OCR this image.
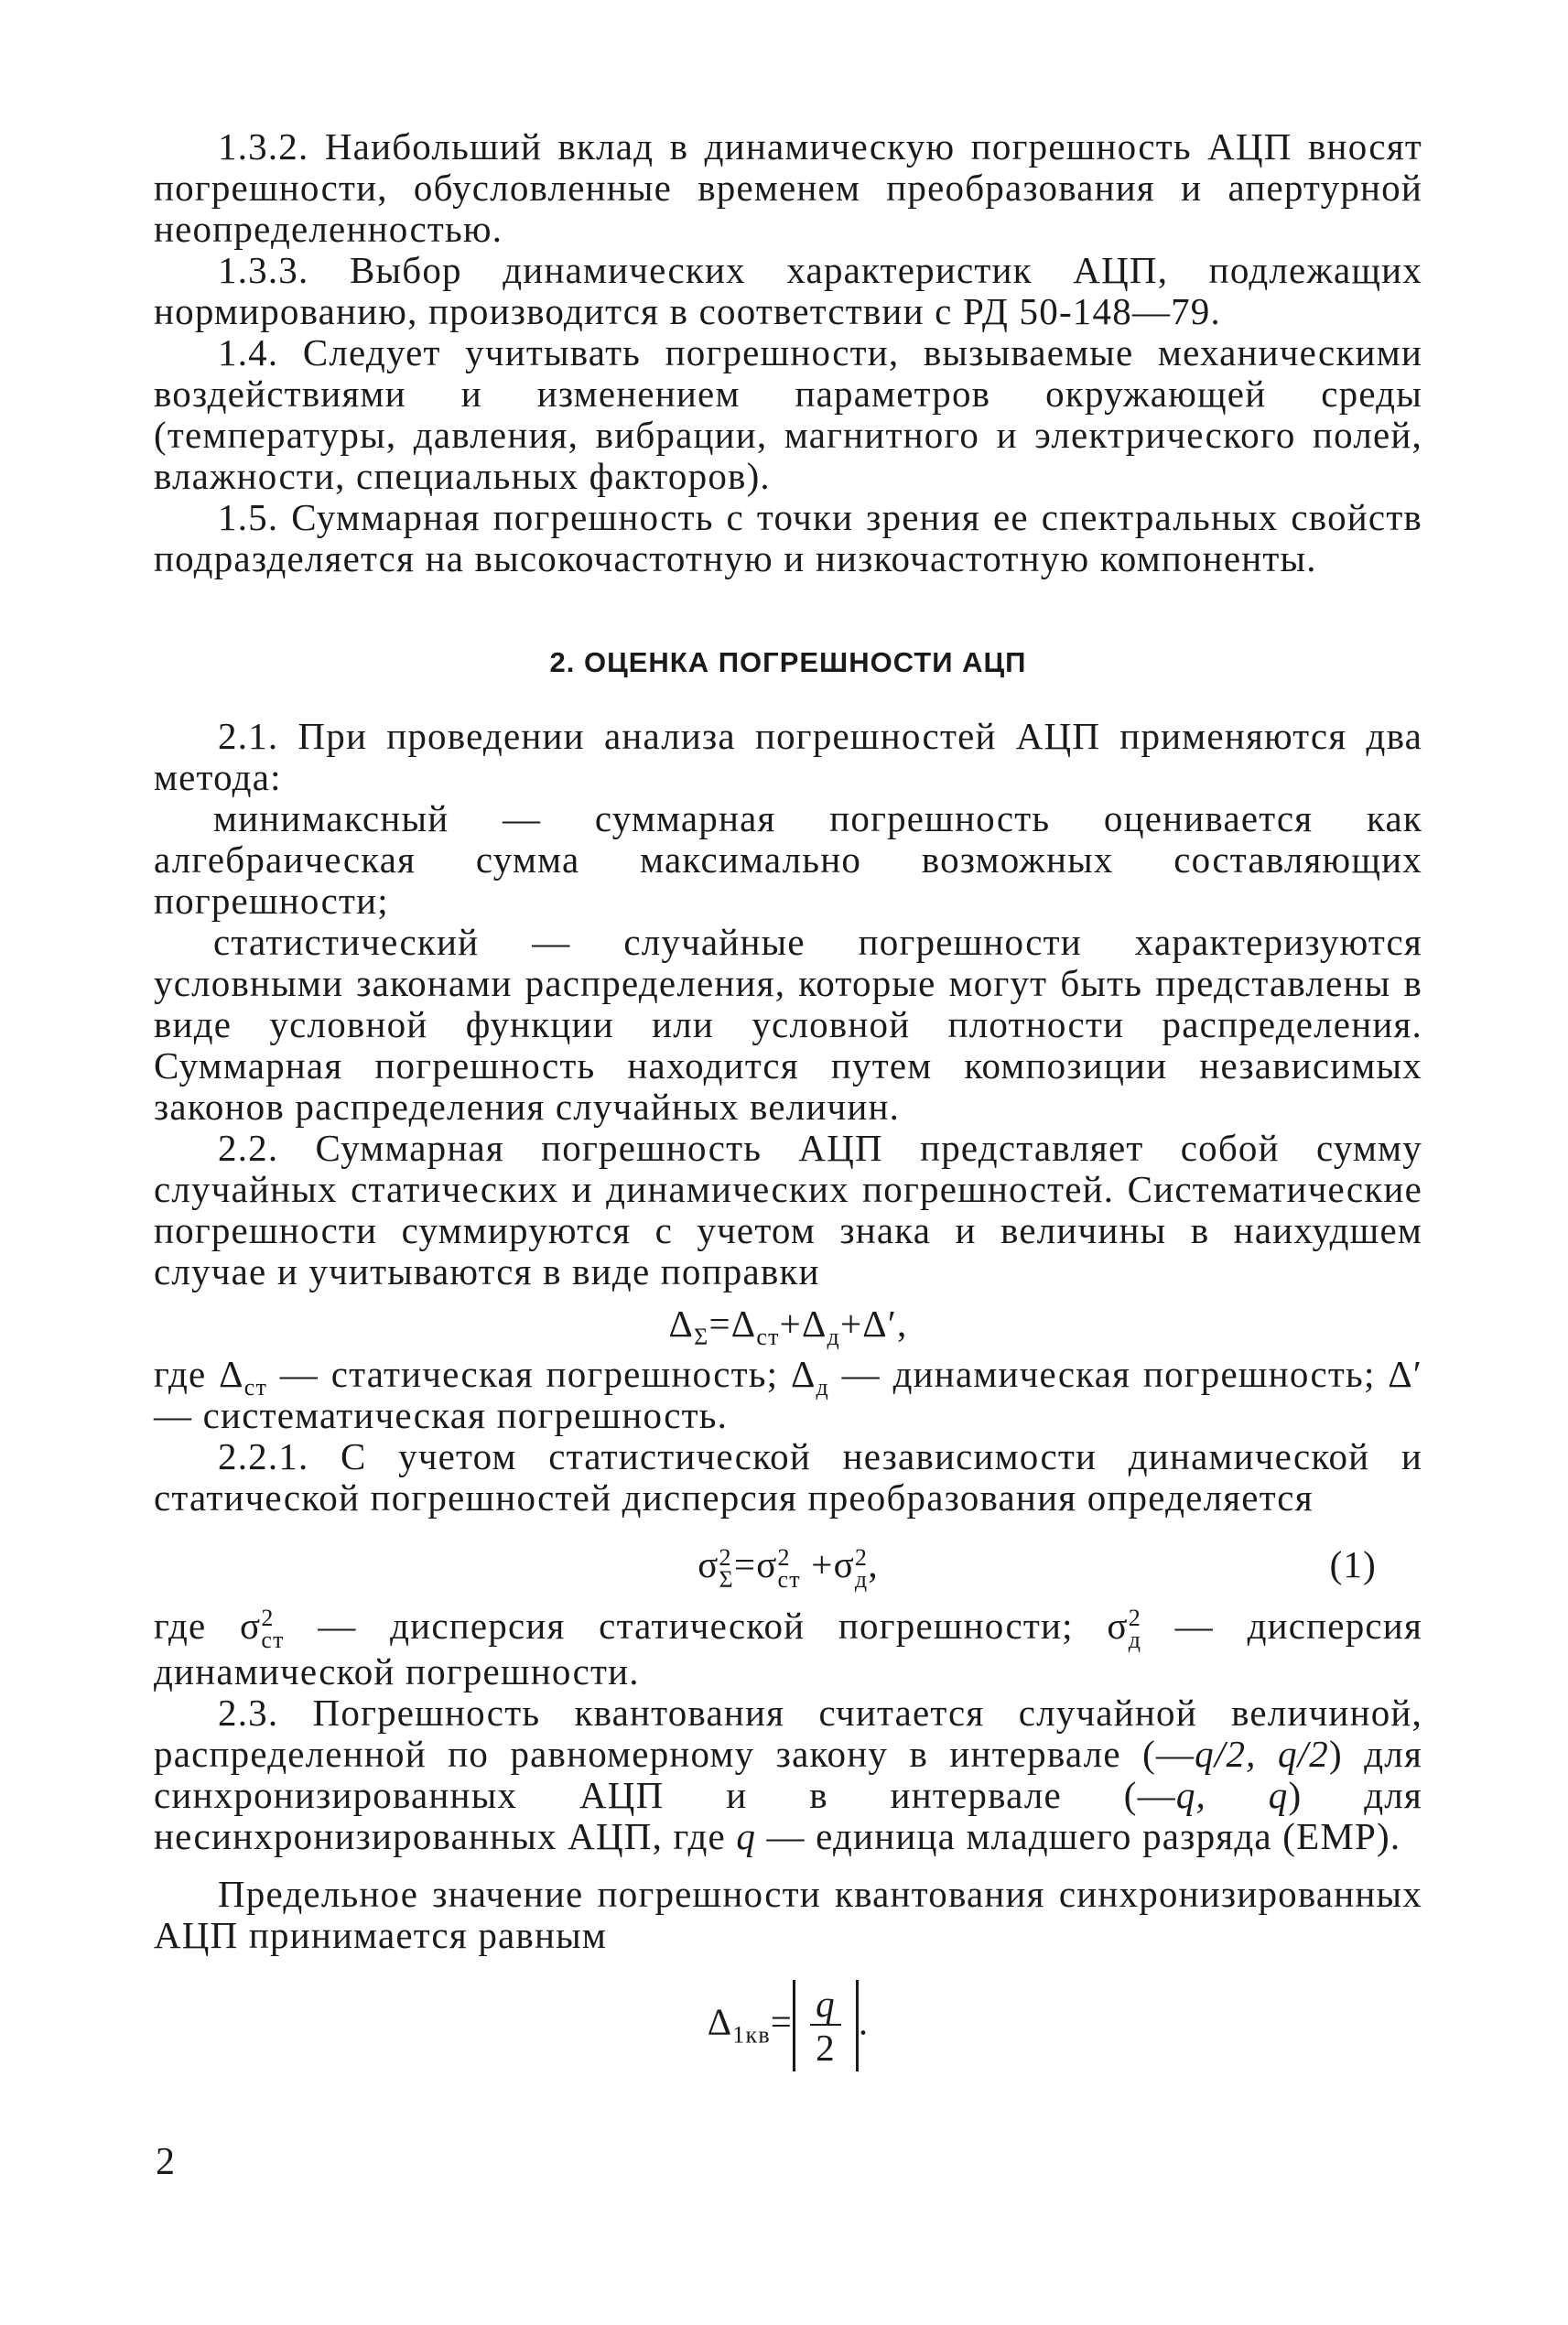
1.3.2. Наибольший вклад в динамическую погрешность АЦП вносят погрешности, обусловленные временем преобразования и апертурной неопределенностью.

1.3.3. Выбор динамических характеристик АЦП, подлежащих нормированию, производится в соответствии с РД 50-148—79.

1.4. Следует учитывать погрешности, вызываемые механическими воздействиями и изменением параметров окружающей среды (температуры, давления, вибрации, магнитного и электрического полей, влажности, специальных факторов).

1.5. Суммарная погрешность с точки зрения ее спектральных свойств подразделяется на высокочастотную и низкочастотную компоненты.

2. ОЦЕНКА ПОГРЕШНОСТИ АЦП

2.1. При проведении анализа погрешностей АЦП применяются два метода:

минимаксный — суммарная погрешность оценивается как алгебраическая сумма максимально возможных составляющих погрешности;

статистический — случайные погрешности характеризуются условными законами распределения, которые могут быть представлены в виде условной функции или условной плотности распределения. Суммарная погрешность находится путем композиции независимых законов распределения случайных величин.

2.2. Суммарная погрешность АЦП представляет собой сумму случайных статических и динамических погрешностей. Систематические погрешности суммируются с учетом знака и величины в наихудшем случае и учитываются в виде поправки

$\Delta_\Sigma=\Delta_{ст}+\Delta_д+\Delta'$,

где $\Delta_{ст}$ — статическая погрешность; $\Delta_д$ — динамическая погрешность; Δ′ — систематическая погрешность.

2.2.1. С учетом статистической независимости динамической и статической погрешностей дисперсия преобразования определяется

σ 2
Σ =σ 2
ст +σ 2
д ,	(1)

где σ 2
ст — дисперсия статической погрешности; σ 2
д — дисперсия динамической погрешности.

2.3. Погрешность квантования считается случайной величиной, распределенной по равномерному закону в интервале (—q/2, q/2) для синхронизированных АЦП и в интервале (—q, q) для несинхронизированных АЦП, где q — единица младшего разряда (ЕМР).

Предельное значение погрешности квантования синхронизированных АЦП принимается равным

$\Delta_{1кв}= \frac{q}{2}$ .
2
